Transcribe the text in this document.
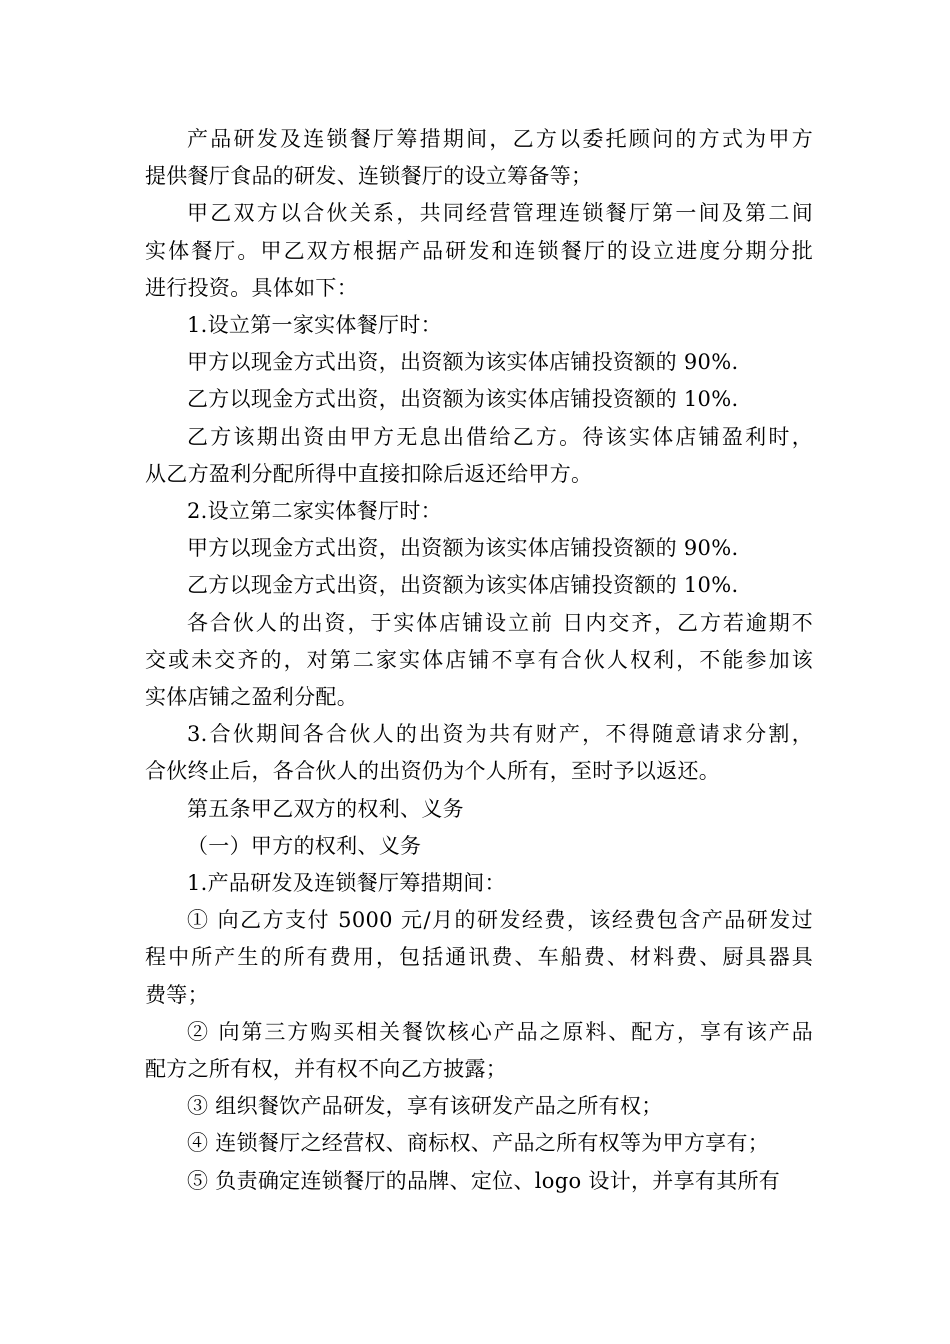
产品研发及连锁餐厅筹措期间，乙方以委托顾问的方式为甲方
提供餐厅食品的研发、连锁餐厅的设立筹备等；
甲乙双方以合伙关系，共同经营管理连锁餐厅第一间及第二间
实体餐厅。甲乙双方根据产品研发和连锁餐厅的设立进度分期分批
进行投资。具体如下：
1.设立第一家实体餐厅时：
甲方以现金方式出资，出资额为该实体店铺投资额的 90%.
乙方以现金方式出资，出资额为该实体店铺投资额的 10%.
乙方该期出资由甲方无息出借给乙方。待该实体店铺盈利时，
从乙方盈利分配所得中直接扣除后返还给甲方。
2.设立第二家实体餐厅时：
甲方以现金方式出资，出资额为该实体店铺投资额的 90%.
乙方以现金方式出资，出资额为该实体店铺投资额的 10%.
各合伙人的出资，于实体店铺设立前 日内交齐，乙方若逾期不
交或未交齐的，对第二家实体店铺不享有合伙人权利，不能参加该
实体店铺之盈利分配。
3.合伙期间各合伙人的出资为共有财产，不得随意请求分割，
合伙终止后，各合伙人的出资仍为个人所有，至时予以返还。
第五条甲乙双方的权利、义务
（一）甲方的权利、义务
1.产品研发及连锁餐厅筹措期间：
① 向乙方支付 5000 元/月的研发经费，该经费包含产品研发过
程中所产生的所有费用，包括通讯费、车船费、材料费、厨具器具
费等；
② 向第三方购买相关餐饮核心产品之原料、配方，享有该产品
配方之所有权，并有权不向乙方披露；
③ 组织餐饮产品研发，享有该研发产品之所有权；
④ 连锁餐厅之经营权、商标权、产品之所有权等为甲方享有；
⑤ 负责确定连锁餐厅的品牌、定位、logo 设计，并享有其所有
